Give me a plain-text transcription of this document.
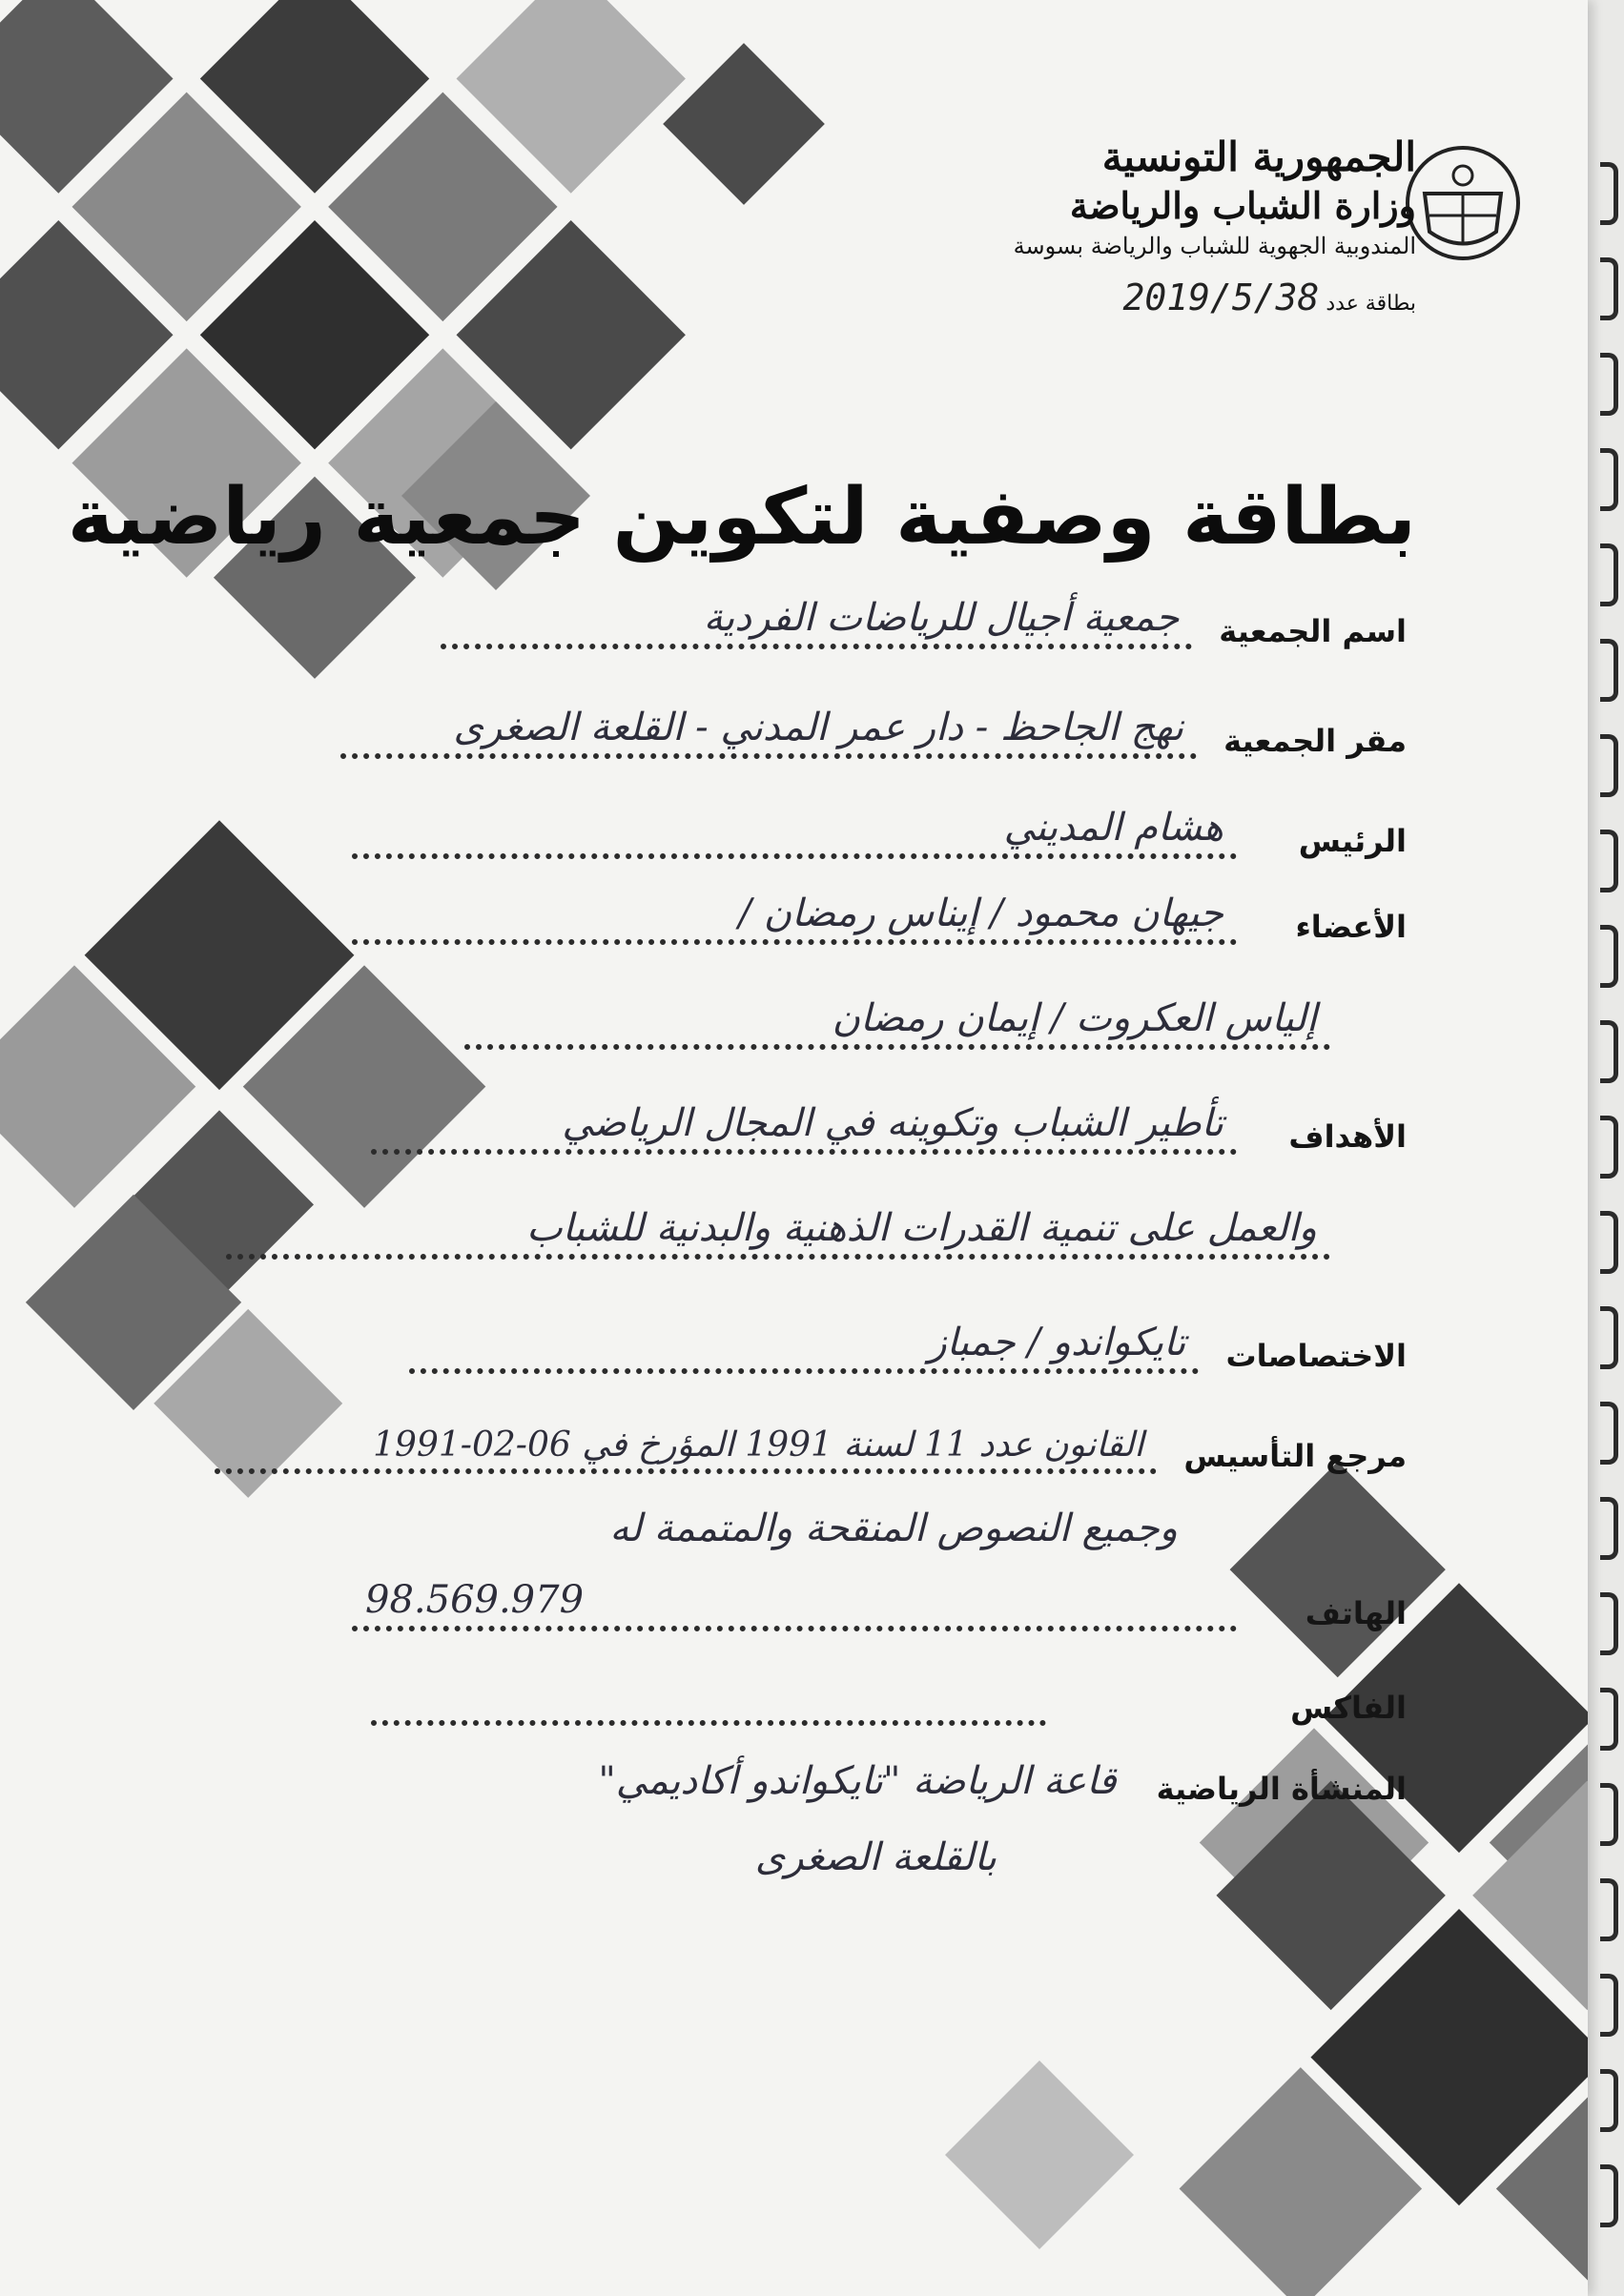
الجمهورية التونسية
وزارة الشباب والرياضة
المندوبية الجهوية للشباب والرياضة بسوسة
بطاقة عدد 2019/5/38
بطاقة وصفية لتكوين جمعية رياضية
اسم الجمعية
جمعية أجيال للرياضات الفردية
مقر الجمعية
نهج الجاحظ - دار عمر المدني - القلعة الصغرى
الرئيس
هشام المديني
الأعضاء
جيهان محمود / إيناس رمضان /
إلياس العكروت / إيمان رمضان
الأهداف
تأطير الشباب وتكوينه في المجال الرياضي
والعمل على تنمية القدرات الذهنية والبدنية للشباب
الاختصاصات
تايكواندو / جمباز
مرجع التأسيس
القانون عدد 11 لسنة 1991 المؤرخ في 06-02-1991
وجميع النصوص المنقحة والمتممة له
الهاتف
98.569.979
الفاكس
المنشأة الرياضية
قاعة الرياضة "تايكواندو أكاديمي"
بالقلعة الصغرى
